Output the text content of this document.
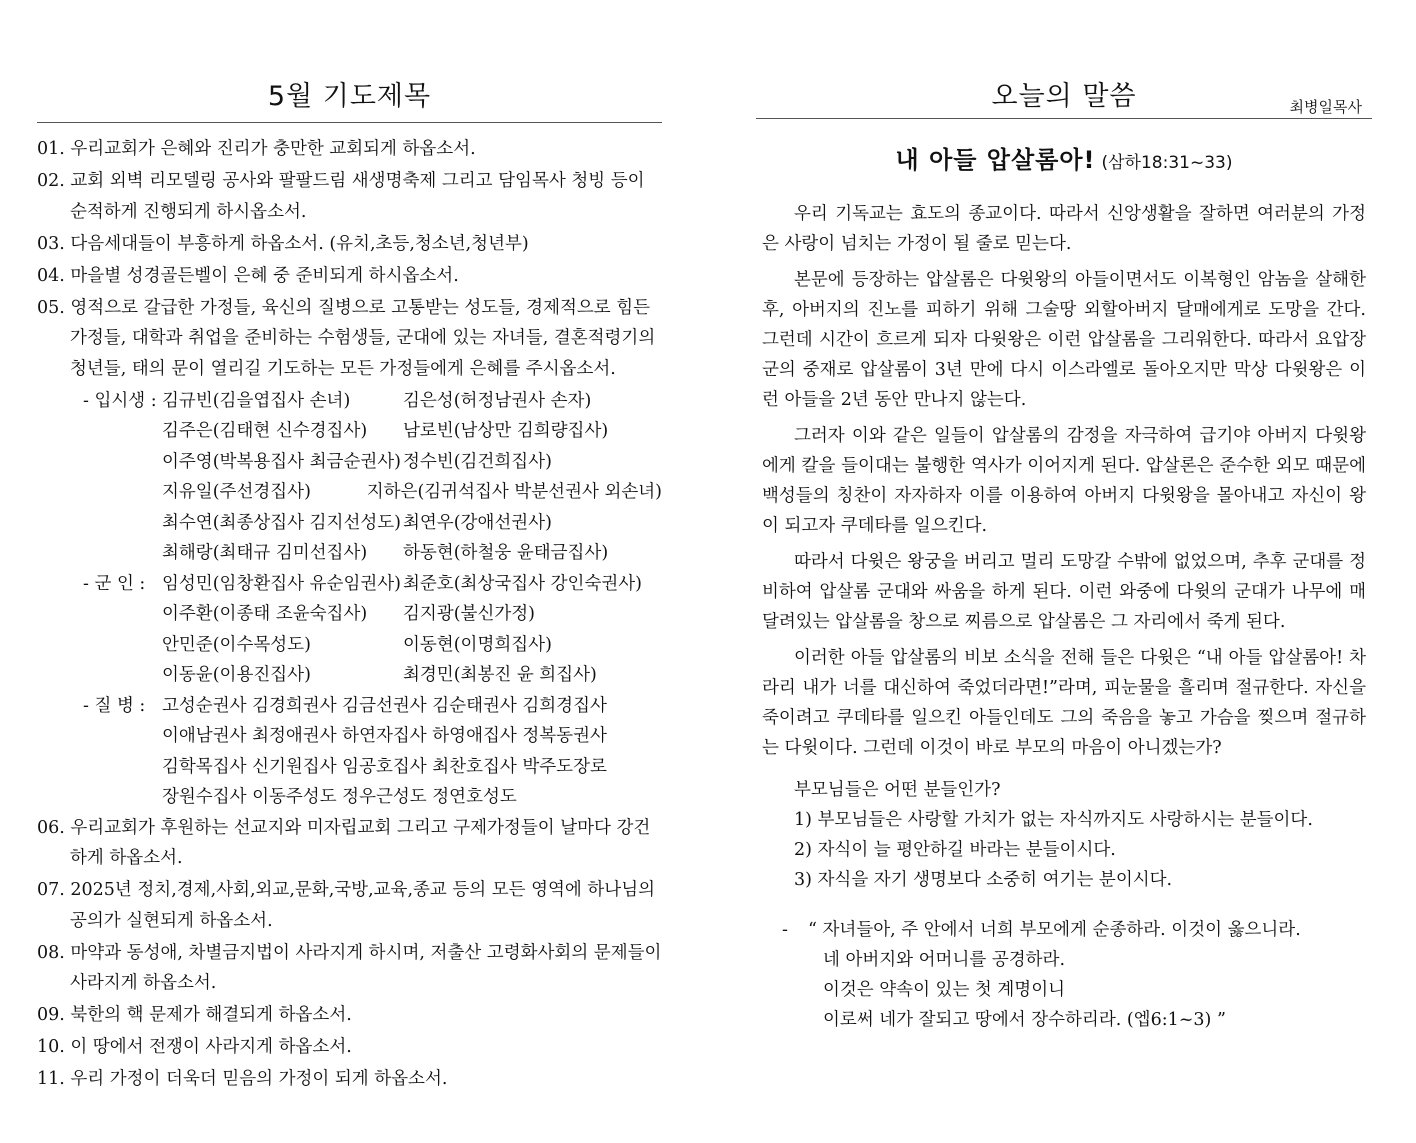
5월 기도제목

01. 우리교회가 은혜와 진리가 충만한 교회되게 하옵소서.

02. 교회 외벽 리모델링 공사와 팔팔드림 새생명축제 그리고 담임목사 청빙 등이 순적하게 진행되게 하시옵소서.

03. 다음세대들이 부흥하게 하옵소서. (유치,초등,청소년,청년부)

04. 마을별 성경골든벨이 은혜 중 준비되게 하시옵소서.

05. 영적으로 갈급한 가정들, 육신의 질병으로 고통받는 성도들, 경제적으로 힘든 가정들, 대학과 취업을 준비하는 수험생들, 군대에 있는 자녀들, 결혼적령기의 청년들, 태의 문이 열리길 기도하는 모든 가정들에게 은혜를 주시옵소서.

- 입시생 : 김규빈(김을엽집사 손녀)	김은성(허정남권사 손자)
김주은(김태현 신수경집사)	남로빈(남상만 김희량집사)
이주영(박복용집사 최금순권사) 정수빈(김건희집사)
지유일(주선경집사)	지하은(김귀석집사 박분선권사 외손녀)
최수연(최종상집사 김지선성도) 최연우(강애선권사)
최해랑(최태규 김미선집사)	하동현(하철웅 윤태금집사)
- 군 인 : 임성민(임창환집사 유순임권사) 최준호(최상국집사 강인숙권사)
이주환(이종태 조윤숙집사)	김지광(불신가정)
안민준(이수목성도)	이동현(이명희집사)
이동윤(이용진집사)	최경민(최봉진 윤 희집사)
- 질 병 : 고성순권사 김경희권사 김금선권사 김순태권사 김희경집사
이애남권사 최정애권사 하연자집사 하영애집사 정복동권사
김학목집사 신기원집사 임공호집사 최찬호집사 박주도장로
장원수집사 이동주성도 정우근성도 정연호성도

06. 우리교회가 후원하는 선교지와 미자립교회 그리고 구제가정들이 날마다 강건하게 하옵소서.

07. 2025년 정치,경제,사회,외교,문화,국방,교육,종교 등의 모든 영역에 하나님의 공의가 실현되게 하옵소서.

08. 마약과 동성애, 차별금지법이 사라지게 하시며, 저출산 고령화사회의 문제들이 사라지게 하옵소서.

09. 북한의 핵 문제가 해결되게 하옵소서.

10. 이 땅에서 전쟁이 사라지게 하옵소서.

11. 우리 가정이 더욱더 믿음의 가정이 되게 하옵소서.

오늘의 말씀	최병일목사
내 아들 압살롬아! (삼하18:31~33)

우리 기독교는 효도의 종교이다. 따라서 신앙생활을 잘하면 여러분의 가정은 사랑이 넘치는 가정이 될 줄로 믿는다.

본문에 등장하는 압살롬은 다윗왕의 아들이면서도 이복형인 암놈을 살해한 후, 아버지의 진노를 피하기 위해 그술땅 외할아버지 달매에게로 도망을 간다. 그런데 시간이 흐르게 되자 다윗왕은 이런 압살롬을 그리워한다. 따라서 요압장군의 중재로 압살롬이 3년 만에 다시 이스라엘로 돌아오지만 막상 다윗왕은 이런 아들을 2년 동안 만나지 않는다.

그러자 이와 같은 일들이 압살롬의 감정을 자극하여 급기야 아버지 다윗왕에게 칼을 들이대는 불행한 역사가 이어지게 된다. 압살론은 준수한 외모 때문에 백성들의 칭찬이 자자하자 이를 이용하여 아버지 다윗왕을 몰아내고 자신이 왕이 되고자 쿠데타를 일으킨다.

따라서 다윗은 왕궁을 버리고 멀리 도망갈 수밖에 없었으며, 추후 군대를 정비하여 압살롬 군대와 싸움을 하게 된다. 이런 와중에 다윗의 군대가 나무에 매달려있는 압살롬을 창으로 찌름으로 압살롬은 그 자리에서 죽게 된다.

이러한 아들 압살롬의 비보 소식을 전해 들은 다윗은 “내 아들 압살롬아! 차라리 내가 너를 대신하여 죽었더라면!”라며, 피눈물을 흘리며 절규한다. 자신을 죽이려고 쿠데타를 일으킨 아들인데도 그의 죽음을 놓고 가슴을 찢으며 절규하는 다윗이다. 그런데 이것이 바로 부모의 마음이 아니겠는가?

부모님들은 어떤 분들인가?
1) 부모님들은 사랑할 가치가 없는 자식까지도 사랑하시는 분들이다.
2) 자식이 늘 평안하길 바라는 분들이시다.
3) 자식을 자기 생명보다 소중히 여기는 분이시다.
- “ 자녀들아, 주 안에서 너희 부모에게 순종하라. 이것이 옳으니라.
네 아버지와 어머니를 공경하라.
이것은 약속이 있는 첫 계명이니
이로써 네가 잘되고 땅에서 장수하리라. (엡6:1~3) ”
